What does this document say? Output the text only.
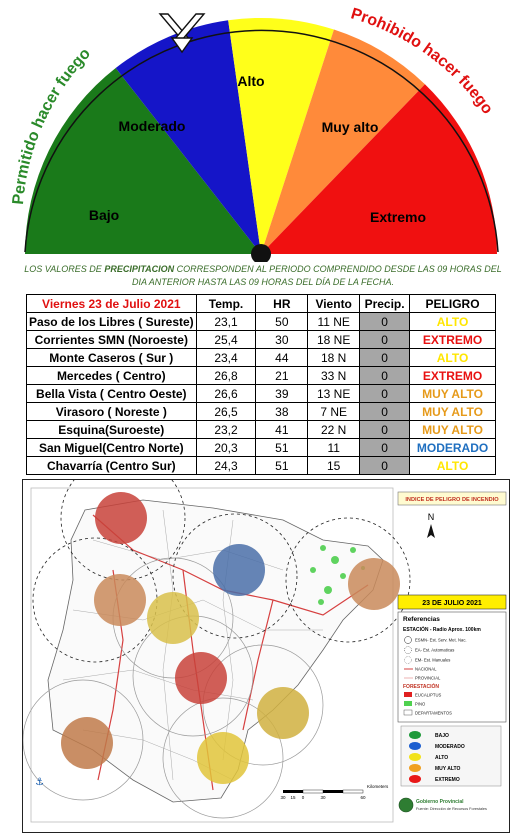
Permitido hacer fuego
Prohibido hacer fuego
Bajo
Moderado
Alto
Muy alto
Extremo
LOS VALORES DE PRECIPITACION CORRESPONDEN AL PERIODO COMPRENDIDO DESDE LAS 09 HORAS DEL DIA ANTERIOR HASTA LAS 09 HORAS DEL DÍA DE LA FECHA.
Viernes 23 de Julio 2021	Temp.	HR	Viento	Precip.	PELIGRO
Paso de los Libres ( Sureste)	23,1	50	11 NE	0	ALTO
Corrientes SMN (Noroeste)	25,4	30	18 NE	0	EXTREMO
Monte Caseros ( Sur )	23,4	44	18 N	0	ALTO
Mercedes ( Centro)	26,8	21	33 N	0	EXTREMO
Bella Vista ( Centro Oeste)	26,6	39	13 NE	0	MUY ALTO
Virasoro ( Noreste )	26,5	38	7 NE	0	MUY ALTO
Esquina(Suroeste)	23,2	41	22 N	0	MUY ALTO
San Miguel(Centro Norte)	20,3	51	11	0	MODERADO
Chavarría (Centro Sur)	24,3	51	15	0	ALTO
N
INDICE DE PELIGRO DE INCENDIO
23 DE JULIO 2021
Referencias
ESTACIÓN - Radio Aprox. 100km
ESMN- Est. Serv. Met. Nac.
EA- Est. Automaticas
EM- Est. Manuales
NACIONAL
PROVINCIAL
FORESTACIÓN
EUCALIPTUS
PINO
DEPARTAMENTOS
BAJO
MODERADO
ALTO
MUY ALTO
EXTREMO
30 15 0	30	60
Kilometers
Gobierno Provincial
Fuente: Dirección de Recursos Forestales
⚓
